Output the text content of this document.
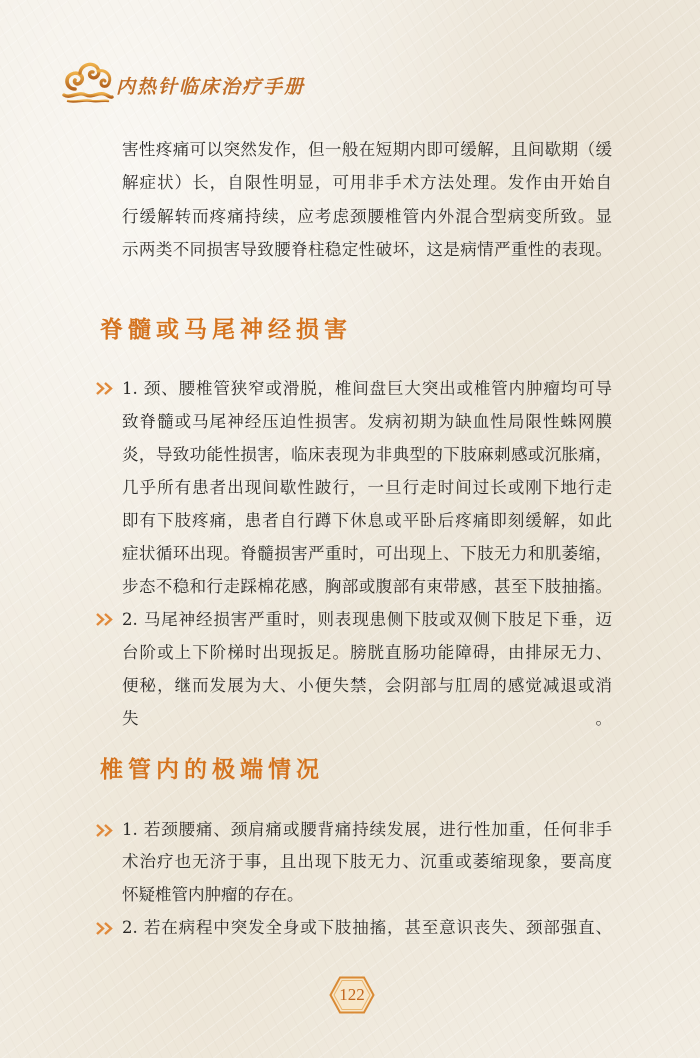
内热针临床治疗手册
害性疼痛可以突然发作，但一般在短期内即可缓解，且间歇期（缓
解症状）长，自限性明显，可用非手术方法处理。发作由开始自
行缓解转而疼痛持续，应考虑颈腰椎管内外混合型病变所致。显
示两类不同损害导致腰脊柱稳定性破坏，这是病情严重性的表现。
脊髓或马尾神经损害
1. 颈、腰椎管狭窄或滑脱，椎间盘巨大突出或椎管内肿瘤均可导
致脊髓或马尾神经压迫性损害。发病初期为缺血性局限性蛛网膜
炎，导致功能性损害，临床表现为非典型的下肢麻刺感或沉胀痛，
几乎所有患者出现间歇性跛行，一旦行走时间过长或刚下地行走
即有下肢疼痛，患者自行蹲下休息或平卧后疼痛即刻缓解，如此
症状循环出现。脊髓损害严重时，可出现上、下肢无力和肌萎缩，
步态不稳和行走踩棉花感，胸部或腹部有束带感，甚至下肢抽搐。
2. 马尾神经损害严重时，则表现患侧下肢或双侧下肢足下垂，迈
台阶或上下阶梯时出现扳足。膀胱直肠功能障碍，由排尿无力、
便秘，继而发展为大、小便失禁，会阴部与肛周的感觉减退或消失。
椎管内的极端情况
1. 若颈腰痛、颈肩痛或腰背痛持续发展，进行性加重，任何非手
术治疗也无济于事，且出现下肢无力、沉重或萎缩现象，要高度
怀疑椎管内肿瘤的存在。
2. 若在病程中突发全身或下肢抽搐，甚至意识丧失、颈部强直、
122
